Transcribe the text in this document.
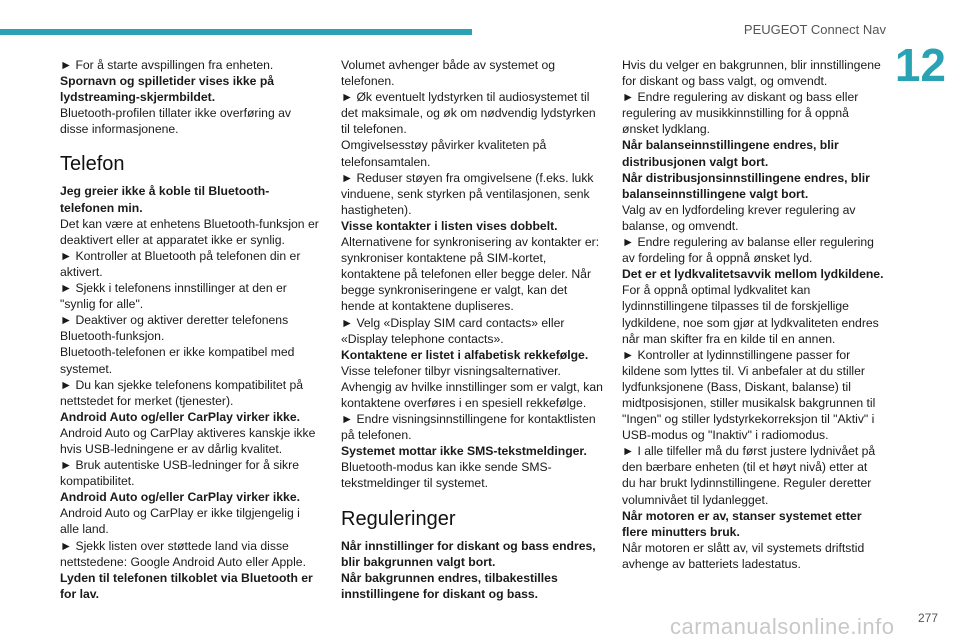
PEUGEOT Connect Nav
12
► For å starte avspillingen fra enheten.
Spornavn og spilletider vises ikke på lydstreaming-skjermbildet.
Bluetooth-profilen tillater ikke overføring av disse informasjonene.
Telefon
Jeg greier ikke å koble til Bluetooth-telefonen min.
Det kan være at enhetens Bluetooth-funksjon er deaktivert eller at apparatet ikke er synlig.
► Kontroller at Bluetooth på telefonen din er aktivert.
► Sjekk i telefonens innstillinger at den er "synlig for alle".
► Deaktiver og aktiver deretter telefonens Bluetooth-funksjon.
Bluetooth-telefonen er ikke kompatibel med systemet.
► Du kan sjekke telefonens kompatibilitet på nettstedet for merket (tjenester).
Android Auto og/eller CarPlay virker ikke.
Android Auto og CarPlay aktiveres kanskje ikke hvis USB-ledningene er av dårlig kvalitet.
► Bruk autentiske USB-ledninger for å sikre kompatibilitet.
Android Auto og/eller CarPlay virker ikke.
Android Auto og CarPlay er ikke tilgjengelig i alle land.
► Sjekk listen over støttede land via disse nettstedene: Google Android Auto eller Apple.
Lyden til telefonen tilkoblet via Bluetooth er for lav.
Volumet avhenger både av systemet og telefonen.
► Øk eventuelt lydstyrken til audiosystemet til det maksimale, og øk om nødvendig lydstyrken til telefonen.
Omgivelsesstøy påvirker kvaliteten på telefonsamtalen.
► Reduser støyen fra omgivelsene (f.eks. lukk vinduene, senk styrken på ventilasjonen, senk hastigheten).
Visse kontakter i listen vises dobbelt.
Alternativene for synkronisering av kontakter er: synkroniser kontaktene på SIM-kortet, kontaktene på telefonen eller begge deler. Når begge synkroniseringene er valgt, kan det hende at kontaktene dupliseres.
► Velg «Display SIM card contacts» eller «Display telephone contacts».
Kontaktene er listet i alfabetisk rekkefølge.
Visse telefoner tilbyr visningsalternativer. Avhengig av hvilke innstillinger som er valgt, kan kontaktene overføres i en spesiell rekkefølge.
► Endre visningsinnstillingene for kontaktlisten på telefonen.
Systemet mottar ikke SMS-tekstmeldinger.
Bluetooth-modus kan ikke sende SMS-tekstmeldinger til systemet.
Reguleringer
Når innstillinger for diskant og bass endres, blir bakgrunnen valgt bort.
Når bakgrunnen endres, tilbakestilles innstillingene for diskant og bass.
Hvis du velger en bakgrunnen, blir innstillingene for diskant og bass valgt, og omvendt.
► Endre regulering av diskant og bass eller regulering av musikkinnstilling for å oppnå ønsket lydklang.
Når balanseinnstillingene endres, blir distribusjonen valgt bort.
Når distribusjonsinnstillingene endres, blir balanseinnstillingene valgt bort.
Valg av en lydfordeling krever regulering av balanse, og omvendt.
► Endre regulering av balanse eller regulering av fordeling for å oppnå ønsket lyd.
Det er et lydkvalitetsavvik mellom lydkildene.
For å oppnå optimal lydkvalitet kan lydinnstillingene tilpasses til de forskjellige lydkildene, noe som gjør at lydkvaliteten endres når man skifter fra en kilde til en annen.
► Kontroller at lydinnstillingene passer for kildene som lyttes til. Vi anbefaler at du stiller lydfunksjonene (Bass, Diskant, balanse) til midtposisjonen, stiller musikalsk bakgrunnen til "Ingen" og stiller lydstyrkekorreksjon til "Aktiv" i USB-modus og "Inaktiv" i radiomodus.
► I alle tilfeller må du først justere lydnivået på den bærbare enheten (til et høyt nivå) etter at du har brukt lydinnstillingene. Reguler deretter volumnivået til lydanlegget.
Når motoren er av, stanser systemet etter flere minutters bruk.
Når motoren er slått av, vil systemets driftstid avhenge av batteriets ladestatus.
277
carmanualsonline.info
